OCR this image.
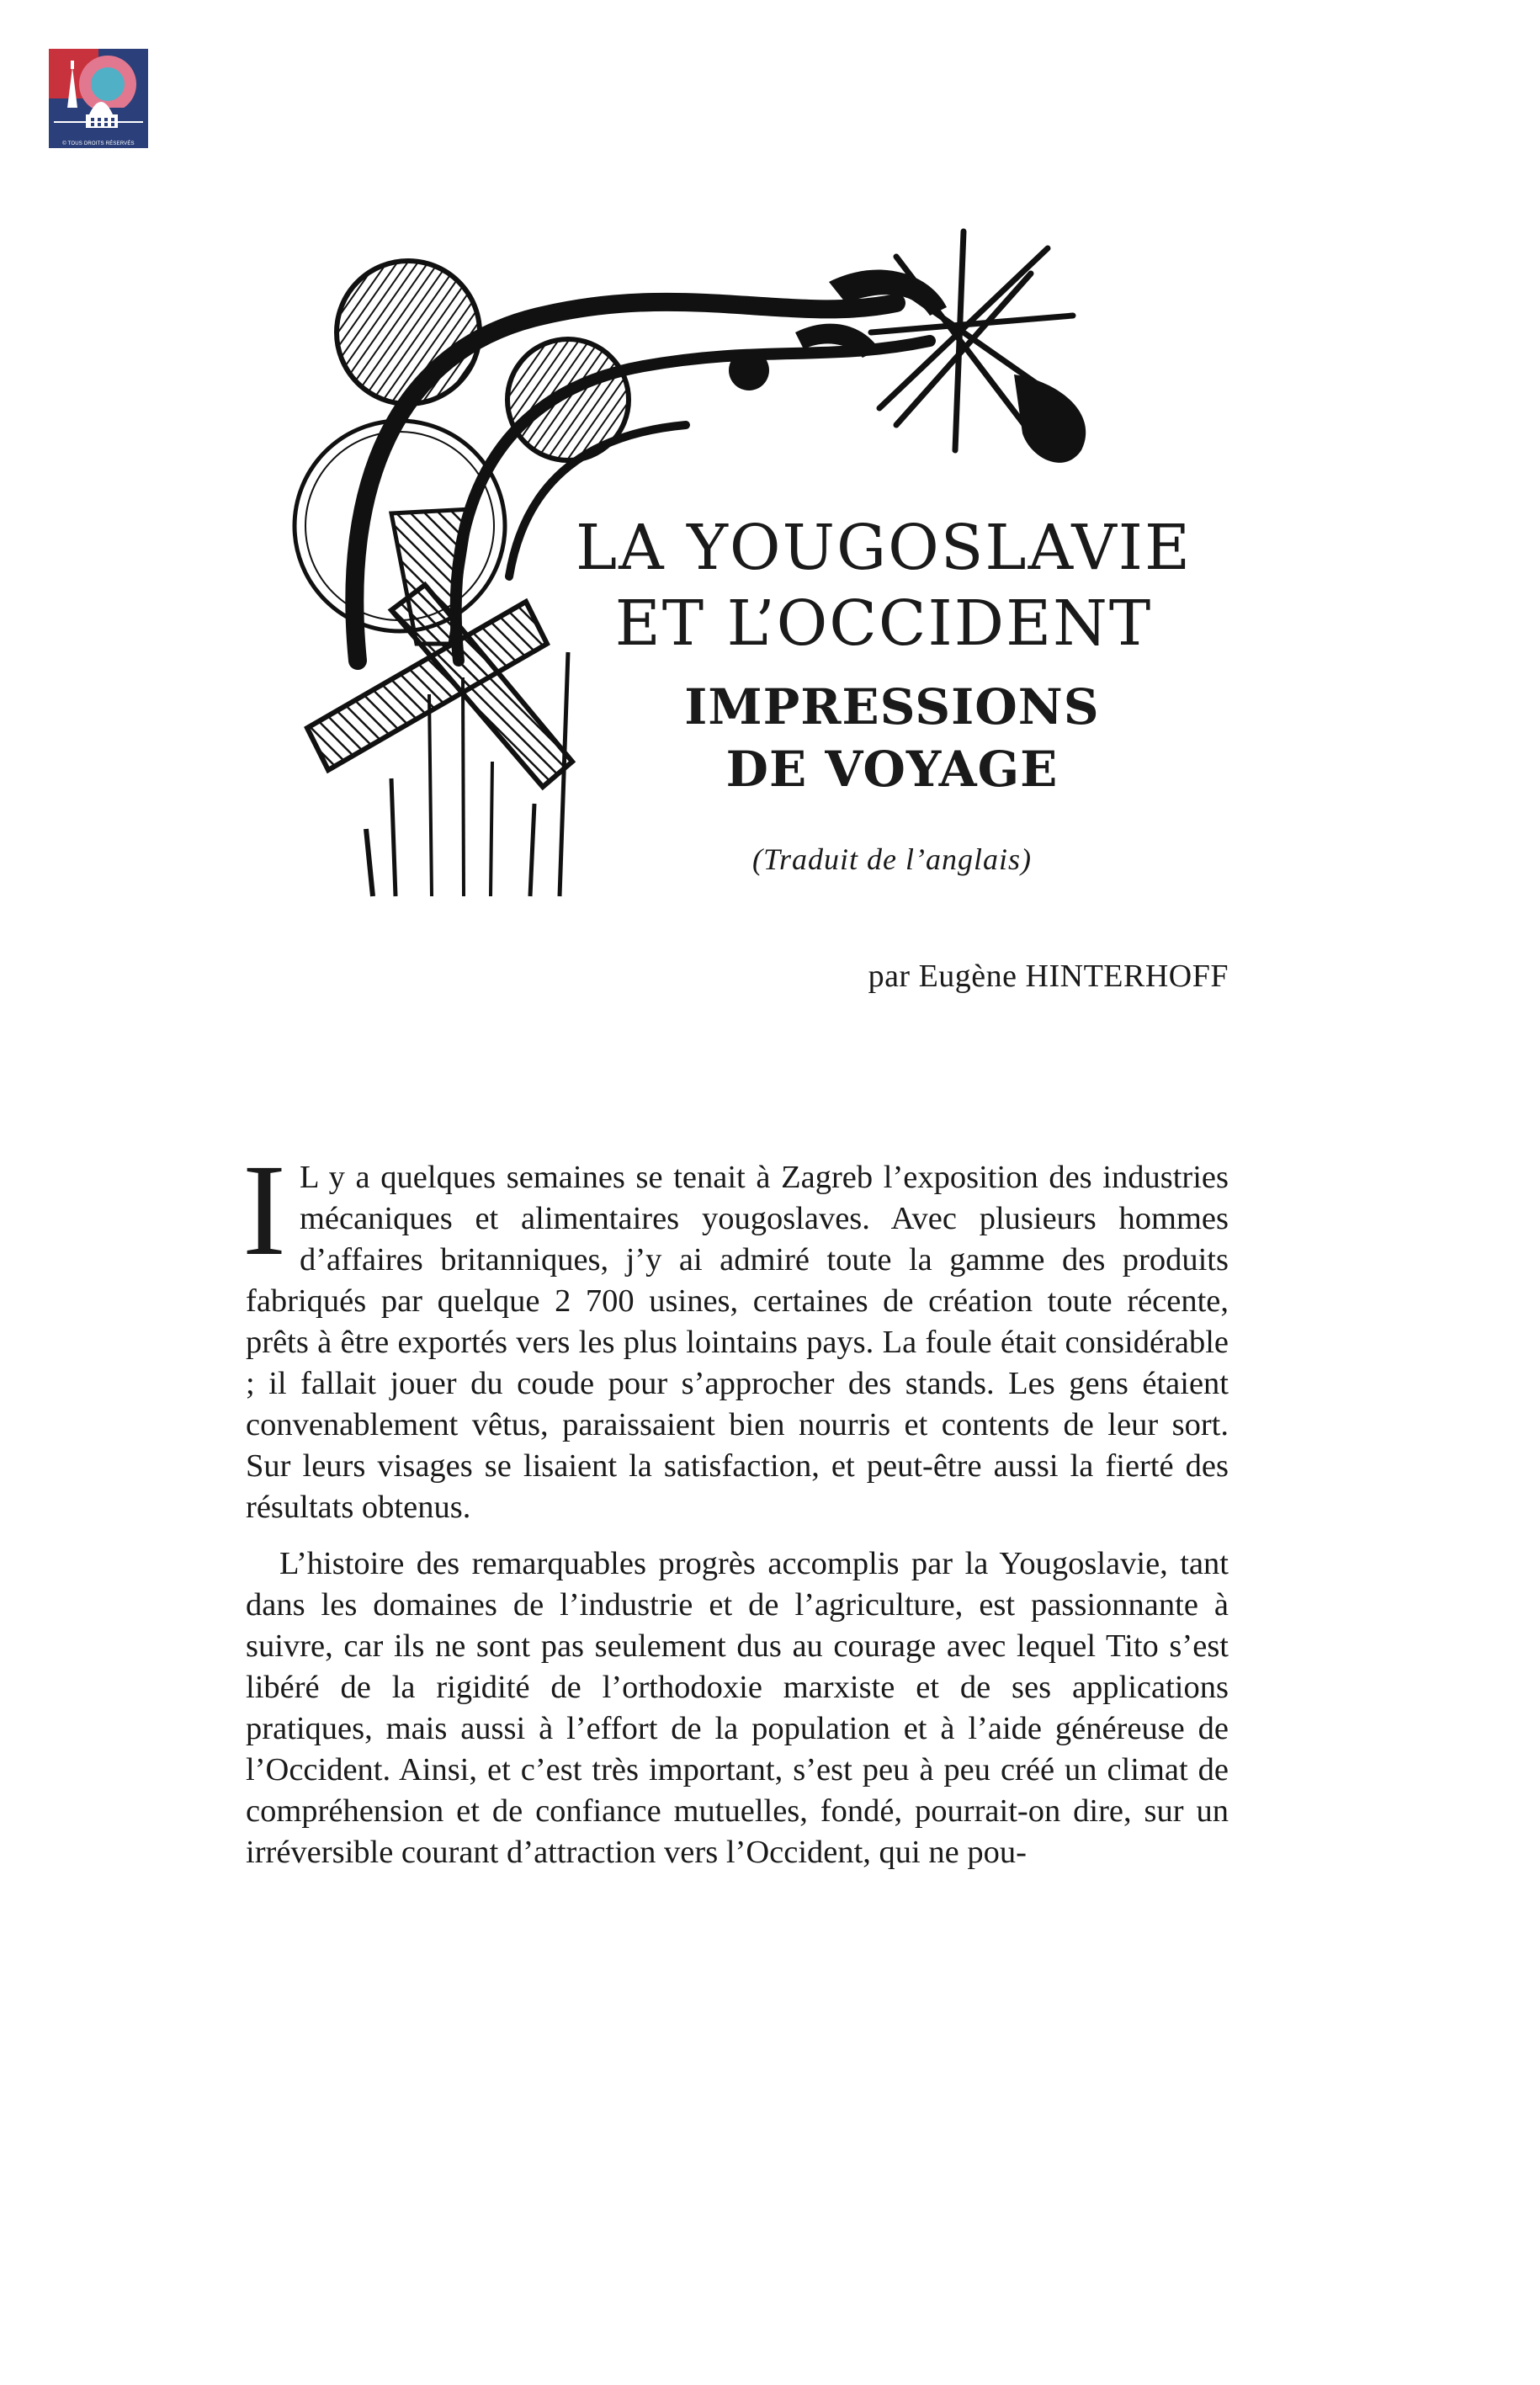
© TOUS DROITS RÉSERVÉS
LA YOUGOSLAVIE
ET L’OCCIDENT
IMPRESSIONS
DE VOYAGE
(Traduit de l’anglais)
par Eugène HINTERHOFF

I L y a quelques semaines se tenait à Zagreb l’exposition des industries mécaniques et alimentaires yougoslaves. Avec plusieurs hommes d’affaires britanniques, j’y ai admiré toute la gamme des produits fabriqués par quelque 2 700 usines, certaines de création toute récente, prêts à être exportés vers les plus lointains pays. La foule était considérable ; il fallait jouer du coude pour s’approcher des stands. Les gens étaient convenablement vêtus, paraissaient bien nourris et contents de leur sort. Sur leurs visages se lisaient la satisfaction, et peut-être aussi la fierté des résultats obtenus.

L’histoire des remarquables progrès accomplis par la Yougoslavie, tant dans les domaines de l’industrie et de l’agriculture, est passionnante à suivre, car ils ne sont pas seulement dus au courage avec lequel Tito s’est libéré de la rigidité de l’orthodoxie marxiste et de ses applications pratiques, mais aussi à l’effort de la population et à l’aide généreuse de l’Occident. Ainsi, et c’est très important, s’est peu à peu créé un climat de compréhension et de confiance mutuelles, fondé, pourrait-on dire, sur un irréversible courant d’attraction vers l’Occident, qui ne pou-
